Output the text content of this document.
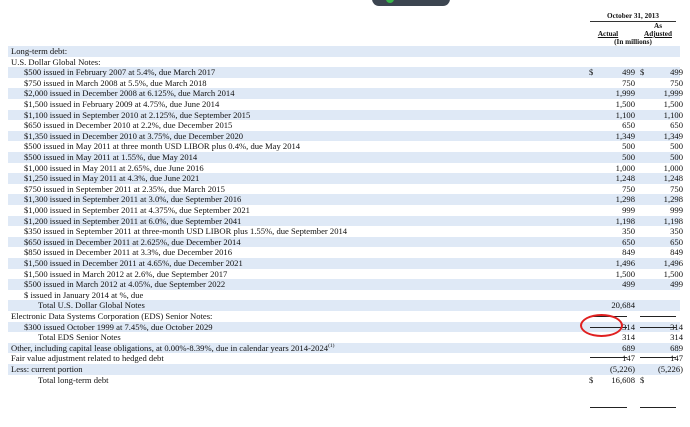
October 31, 2013
As
Actual	Adjusted
(In millions)
Long-term debt:
U.S. Dollar Global Notes:
$500 issued in February 2007 at 5.4%, due March 2017	$	499 $	499
$750 issued in March 2008 at 5.5%, due March 2018	750	750
$2,000 issued in December 2008 at 6.125%, due March 2014	1,999	1,999
$1,500 issued in February 2009 at 4.75%, due June 2014	1,500	1,500
$1,100 issued in September 2010 at 2.125%, due September 2015	1,100	1,100
$650 issued in December 2010 at 2.2%, due December 2015	650	650
$1,350 issued in December 2010 at 3.75%, due December 2020	1,349	1,349
$500 issued in May 2011 at three month USD LIBOR plus 0.4%, due May 2014	500	500
$500 issued in May 2011 at 1.55%, due May 2014	500	500
$1,000 issued in May 2011 at 2.65%, due June 2016	1,000	1,000
$1,250 issued in May 2011 at 4.3%, due June 2021	1,248	1,248
$750 issued in September 2011 at 2.35%, due March 2015	750	750
$1,300 issued in September 2011 at 3.0%, due September 2016	1,298	1,298
$1,000 issued in September 2011 at 4.375%, due September 2021	999	999
$1,200 issued in September 2011 at 6.0%, due September 2041	1,198	1,198
$350 issued in September 2011 at three-month USD LIBOR plus 1.55%, due September 2014	350	350
$650 issued in December 2011 at 2.625%, due December 2014	650	650
$850 issued in December 2011 at 3.3%, due December 2016	849	849
$1,500 issued in December 2011 at 4.65%, due December 2021	1,496	1,496
$1,500 issued in March 2012 at 2.6%, due September 2017	1,500	1,500
$500 issued in March 2012 at 4.05%, due September 2022	499	499
$ issued in January 2014 at %, due
Total U.S. Dollar Global Notes	20,684
Electronic Data Systems Corporation (EDS) Senior Notes:
$300 issued October 1999 at 7.45%, due October 2029	314	314
Total EDS Senior Notes	314	314
Other, including capital lease obligations, at 0.00%-8.39%, due in calendar years 2014-2024$^{(1)}$	689	689
Fair value adjustment related to hedged debt	147	147
Less: current portion	(5,226)	(5,226)
Total long-term debt	$	16,608 $
